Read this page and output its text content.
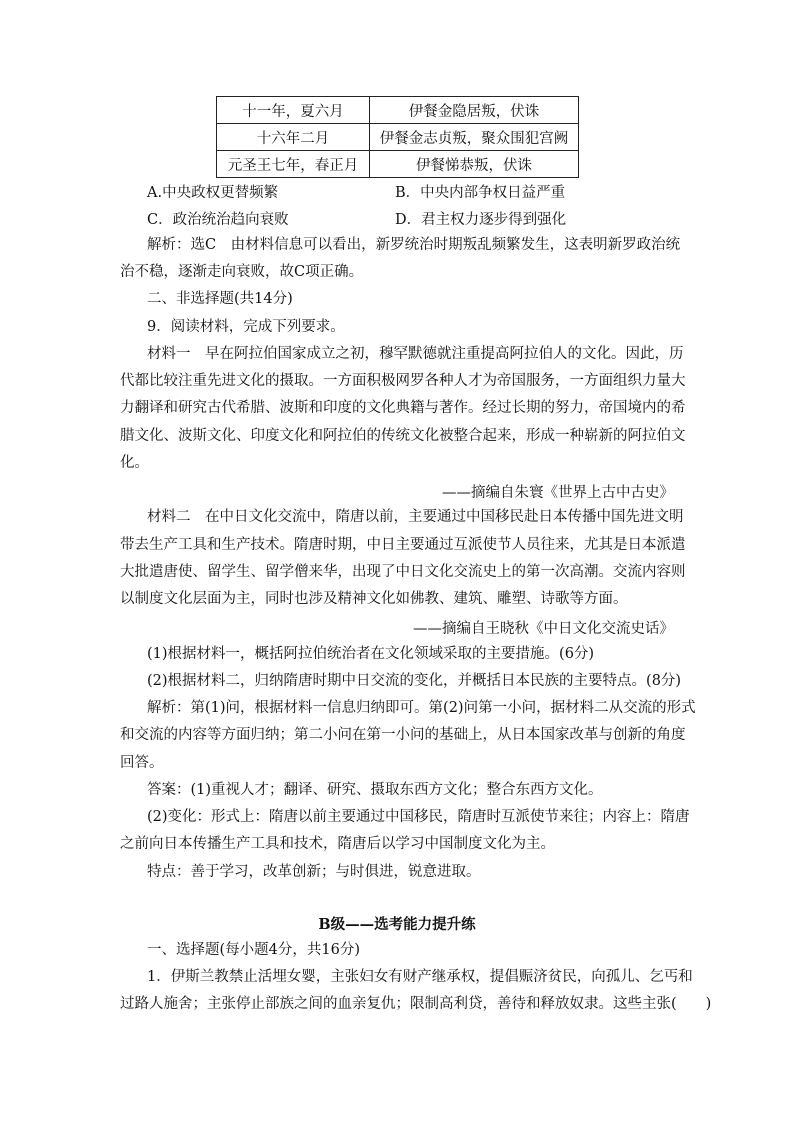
十一年，夏六月	伊餐金隐居叛，伏诛
十六年二月	伊餐金志贞叛，聚众围犯宫阙
元圣王七年，春正月	伊餐悌恭叛，伏诛
A.中央政权更替频繁	B．中央内部争权日益严重
C．政治统治趋向衰败	D．君主权力逐步得到强化
解析：选C　由材料信息可以看出，新罗统治时期叛乱频繁发生，这表明新罗政治统
治不稳，逐渐走向衰败，故C项正确。
二、非选择题(共14分)
9．阅读材料，完成下列要求。
材料一　早在阿拉伯国家成立之初，穆罕默德就注重提高阿拉伯人的文化。因此，历
代都比较注重先进文化的摄取。一方面积极网罗各种人才为帝国服务，一方面组织力量大
力翻译和研究古代希腊、波斯和印度的文化典籍与著作。经过长期的努力，帝国境内的希
腊文化、波斯文化、印度文化和阿拉伯的传统文化被整合起来，形成一种崭新的阿拉伯文
化。
——摘编自朱寰《世界上古中古史》
材料二　在中日文化交流中，隋唐以前，主要通过中国移民赴日本传播中国先进文明
带去生产工具和生产技术。隋唐时期，中日主要通过互派使节人员往来，尤其是日本派遣
大批遣唐使、留学生、留学僧来华，出现了中日文化交流史上的第一次高潮。交流内容则
以制度文化层面为主，同时也涉及精神文化如佛教、建筑、雕塑、诗歌等方面。
——摘编自王晓秋《中日文化交流史话》
(1)根据材料一，概括阿拉伯统治者在文化领域采取的主要措施。(6分)
(2)根据材料二，归纳隋唐时期中日交流的变化，并概括日本民族的主要特点。(8分)
解析：第(1)问，根据材料一信息归纳即可。第(2)问第一小问，据材料二从交流的形式
和交流的内容等方面归纳；第二小问在第一小问的基础上，从日本国家改革与创新的角度
回答。
答案：(1)重视人才；翻译、研究、摄取东西方文化；整合东西方文化。
(2)变化：形式上：隋唐以前主要通过中国移民，隋唐时互派使节来往；内容上：隋唐
之前向日本传播生产工具和技术，隋唐后以学习中国制度文化为主。
特点：善于学习，改革创新；与时俱进，锐意进取。
B级——选考能力提升练
一、选择题(每小题4分，共16分)
1．伊斯兰教禁止活埋女婴，主张妇女有财产继承权，提倡赈济贫民，向孤儿、乞丐和
过路人施舍；主张停止部族之间的血亲复仇；限制高利贷，善待和释放奴隶。这些主张(　　)
